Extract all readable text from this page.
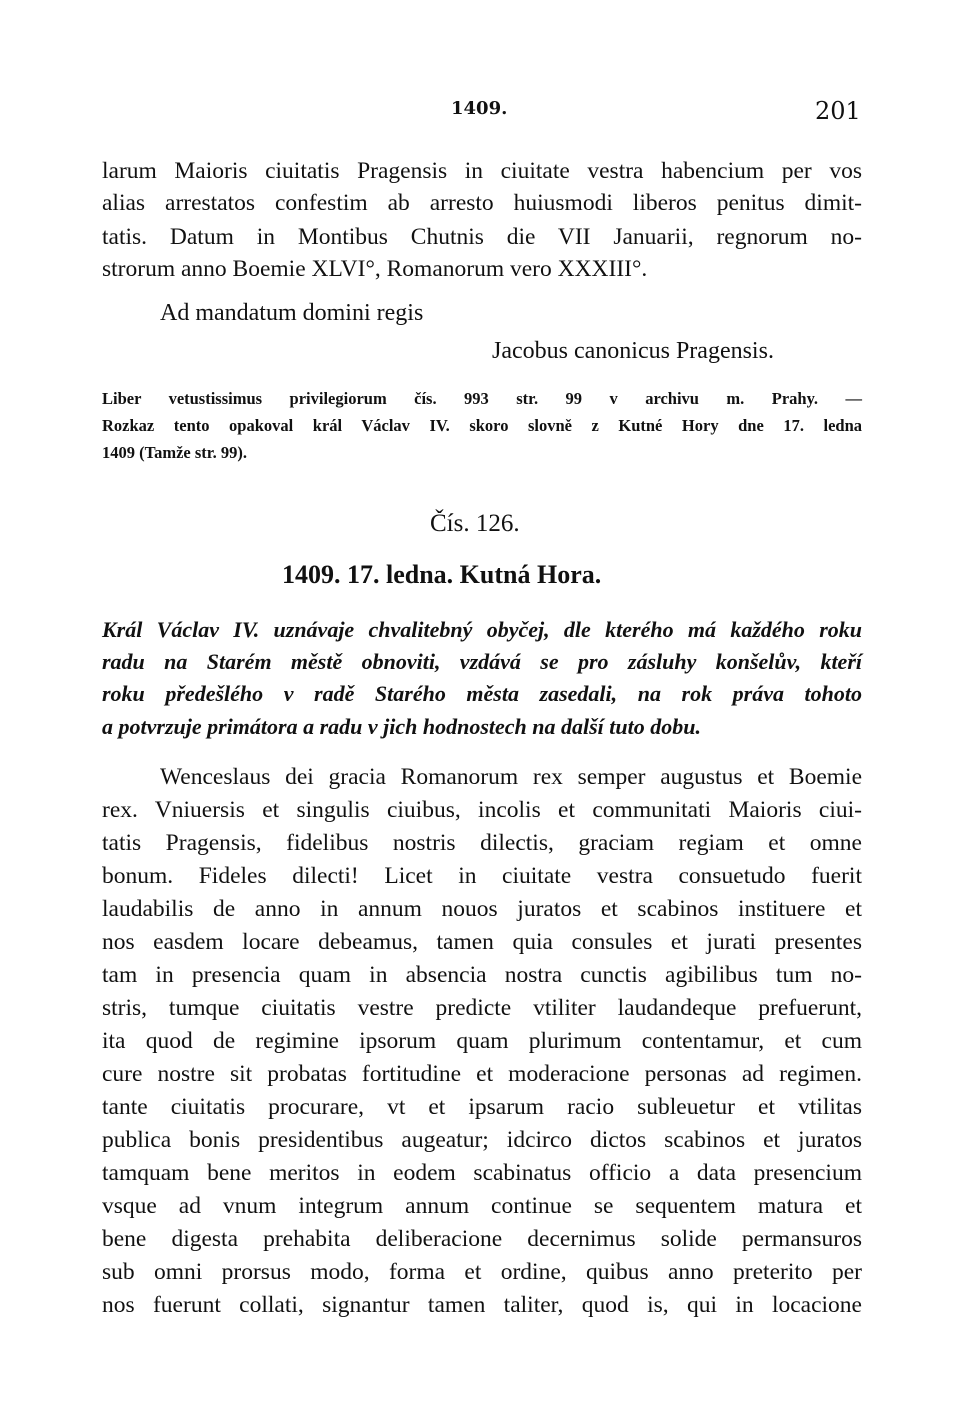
1409.	201
larum Maioris ciuitatis Pragensis in ciuitate vestra habencium per vos
alias arrestatos confestim ab arresto huiusmodi liberos penitus dimit-
tatis. Datum in Montibus Chutnis die VII Januarii, regnorum no-
strorum anno Boemie XLVI°, Romanorum vero XXXIII°.
Ad mandatum domini regis
Jacobus canonicus Pragensis.
Liber vetustissimus privilegiorum čís. 993 str. 99 v archivu m. Prahy. —
Rozkaz tento opakoval král Václav IV. skoro slovně z Kutné Hory dne 17. ledna
1409 (Tamže str. 99).
Čís. 126.
1409. 17. ledna. Kutná Hora.
Král Václav IV. uznávaje chvalitebný obyčej, dle kterého má každého roku
radu na Starém městě obnoviti, vzdává se pro zásluhy konšelův, kteří
roku předešlého v radě Starého města zasedali, na rok práva tohoto
a potvrzuje primátora a radu v jich hodnostech na další tuto dobu.
Wenceslaus dei gracia Romanorum rex semper augustus et Boemie
rex. Vniuersis et singulis ciuibus, incolis et communitati Maioris ciui-
tatis Pragensis, fidelibus nostris dilectis, graciam regiam et omne
bonum. Fideles dilecti! Licet in ciuitate vestra consuetudo fuerit
laudabilis de anno in annum nouos juratos et scabinos instituere et
nos easdem locare debeamus, tamen quia consules et jurati presentes
tam in presencia quam in absencia nostra cunctis agibilibus tum no-
stris, tumque ciuitatis vestre predicte vtiliter laudandeque prefuerunt,
ita quod de regimine ipsorum quam plurimum contentamur, et cum
cure nostre sit probatas fortitudine et moderacione personas ad regimen.
tante ciuitatis procurare, vt et ipsarum racio subleuetur et vtilitas
publica bonis presidentibus augeatur; idcirco dictos scabinos et juratos
tamquam bene meritos in eodem scabinatus officio a data presencium
vsque ad vnum integrum annum continue se sequentem matura et
bene digesta prehabita deliberacione decernimus solide permansuros
sub omni prorsus modo, forma et ordine, quibus anno preterito per
nos fuerunt collati, signantur tamen taliter, quod is, qui in locacione
